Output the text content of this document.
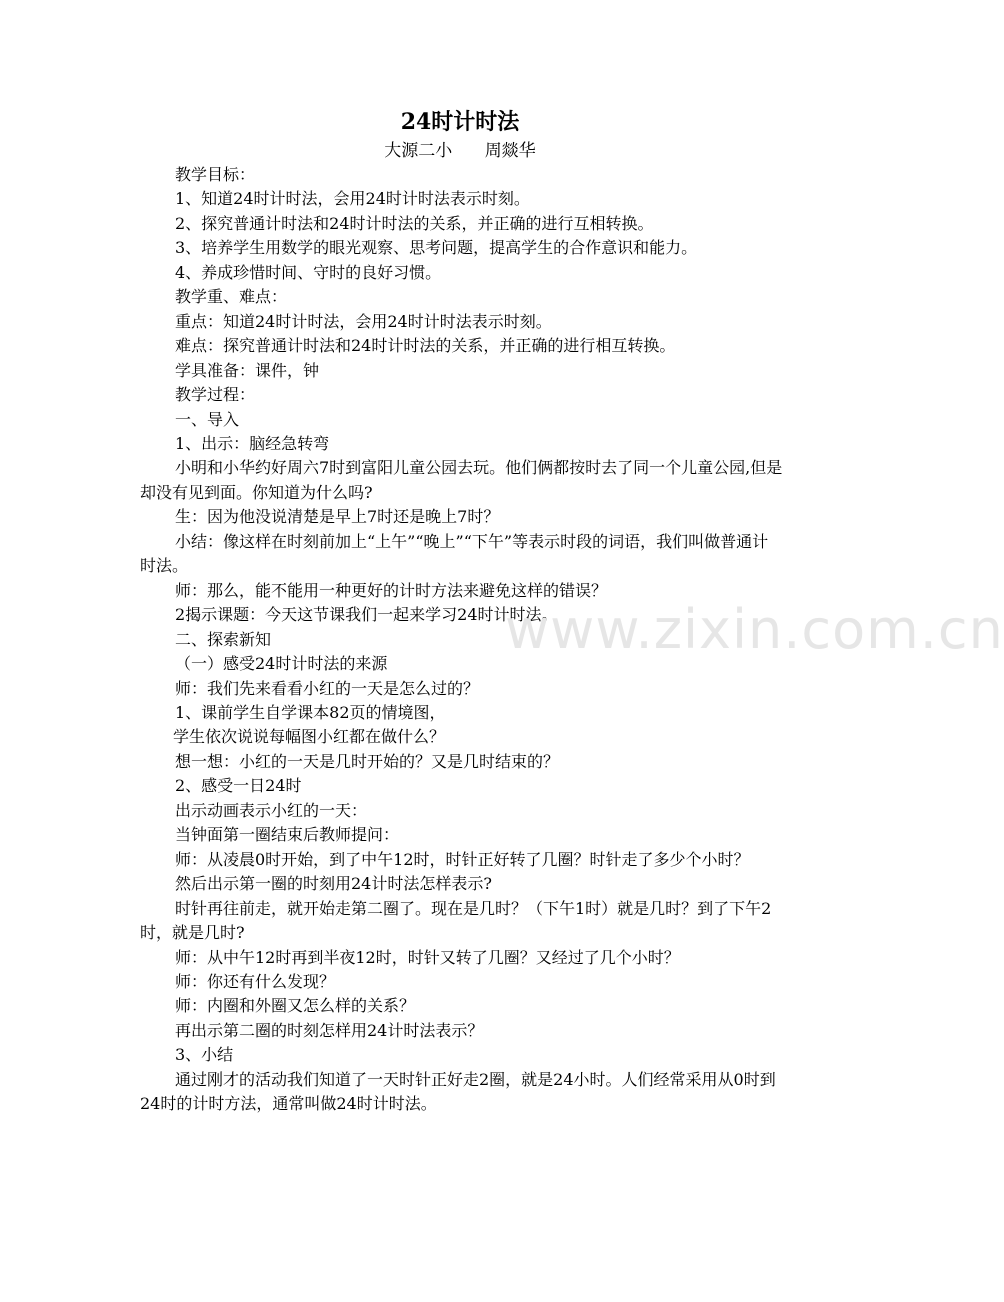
24时计时法
大源二小      周燚华

教学目标：

1、知道24时计时法，会用24时计时法表示时刻。

2、探究普通计时法和24时计时法的关系，并正确的进行互相转换。

3、培养学生用数学的眼光观察、思考问题，提高学生的合作意识和能力。

4、养成珍惜时间、守时的良好习惯。

教学重、难点：

重点：知道24时计时法，会用24时计时法表示时刻。

难点：探究普通计时法和24时计时法的关系，并正确的进行相互转换。

学具准备：课件，钟

教学过程：

一、导入

1、出示：脑经急转弯

小明和小华约好周六7时到富阳儿童公园去玩。他们俩都按时去了同一个儿童公园,但是却没有见到面。你知道为什么吗?

生：因为他没说清楚是早上7时还是晚上7时？

小结：像这样在时刻前加上“上午”“晚上”“下午”等表示时段的词语，我们叫做普通计时法。

师：那么，能不能用一种更好的计时方法来避免这样的错误？

2揭示课题：今天这节课我们一起来学习24时计时法。

二、探索新知

（一）感受24时计时法的来源

师：我们先来看看小红的一天是怎么过的？

1、课前学生自学课本82页的情境图，

学生依次说说每幅图小红都在做什么？

想一想：小红的一天是几时开始的？又是几时结束的？

2、感受一日24时

出示动画表示小红的一天：

当钟面第一圈结束后教师提问：

师：从凌晨0时开始，到了中午12时，时针正好转了几圈？时针走了多少个小时？

然后出示第一圈的时刻用24计时法怎样表示?

时针再往前走，就开始走第二圈了。现在是几时？（下午1时）就是几时？到了下午2时，就是几时?

师：从中午12时再到半夜12时，时针又转了几圈？又经过了几个小时？

师：你还有什么发现？

师：内圈和外圈又怎么样的关系？

再出示第二圈的时刻怎样用24计时法表示？

3、小结

通过刚才的活动我们知道了一天时针正好走2圈，就是24小时。人们经常采用从0时到24时的计时方法，通常叫做24时计时法。

www.zixin.com.cn
